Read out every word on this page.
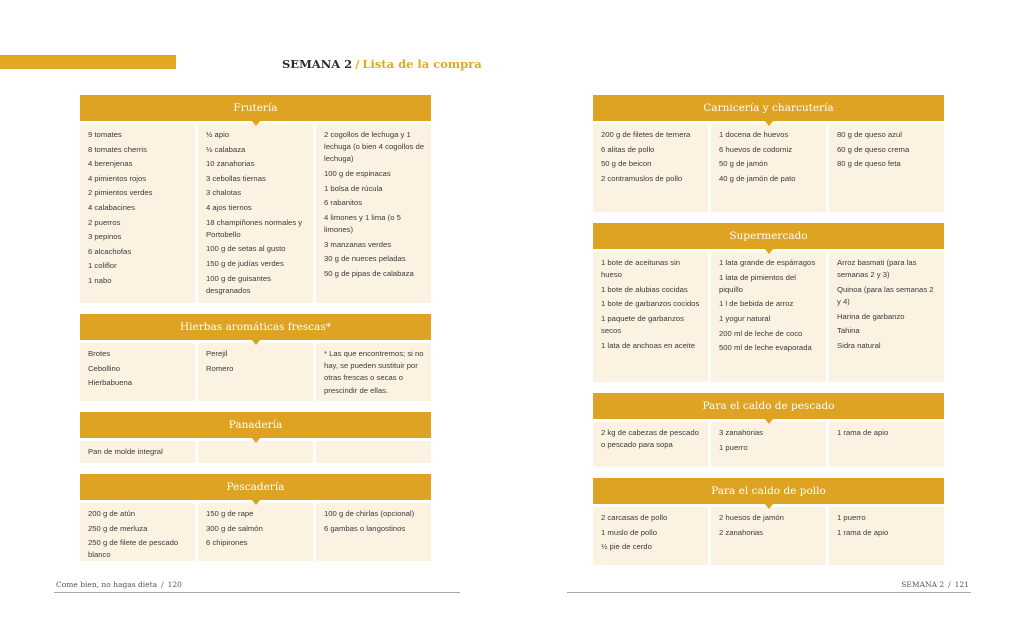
SEMANA 2 / Lista de la compra
Frutería
9 tomates
8 tomates cherris
4 berenjenas
4 pimientos rojos
2 pimientos verdes
4 calabacines
2 puerros
3 pepinos
6 alcachofas
1 coliflor
1 nabo
½ apio
½ calabaza
10 zanahorias
3 cebollas tiernas
3 chalotas
4 ajos tiernos
18 champiñones normales y Portobello
100 g de setas al gusto
150 g de judías verdes
100 g de guisantes desgranados
2 cogollos de lechuga y 1 lechuga (o bien 4 cogollos de lechuga)
100 g de espinacas
1 bolsa de rúcula
6 rabanitos
4 limones y 1 lima (o 5 limones)
3 manzanas verdes
30 g de nueces peladas
50 g de pipas de calabaza
Hierbas aromáticas frescas*
Brotes
Cebollino
Hierbabuena
Perejil
Romero
* Las que encontremos; si no hay, se pueden sustituir por otras frescas o secas o prescindir de ellas.
Panadería
Pan de molde integral
Pescadería
200 g de atún
250 g de merluza
250 g de filete de pescado blanco
150 g de rape
300 g de salmón
6 chipirones
100 g de chirlas (opcional)
6 gambas o langostinos
Carnicería y charcutería
200 g de filetes de ternera
6 alitas de pollo
50 g de beicon
2 contramuslos de pollo
1 docena de huevos
6 huevos de codorniz
50 g de jamón
40 g de jamón de pato
80 g de queso azul
60 g de queso crema
80 g de queso feta
Supermercado
1 bote de aceitunas sin hueso
1 bote de alubias cocidas
1 bote de garbanzos cocidos
1 paquete de garbanzos secos
1 lata de anchoas en aceite
1 lata grande de espárragos
1 lata de pimientos del piquillo
1 l de bebida de arroz
1 yogur natural
200 ml de leche de coco
500 ml de leche evaporada
Arroz basmati (para las semanas 2 y 3)
Quinoa (para las semanas 2 y 4)
Harina de garbanzo
Tahina
Sidra natural
Para el caldo de pescado
2 kg de cabezas de pescado o pescado para sopa
3 zanahorias
1 puerro
1 rama de apio
Para el caldo de pollo
2 carcasas de pollo
1 muslo de pollo
½ pie de cerdo
2 huesos de jamón
2 zanahorias
1 puerro
1 rama de apio
Come bien, no hagas dieta / 120	SEMANA 2 / 121
